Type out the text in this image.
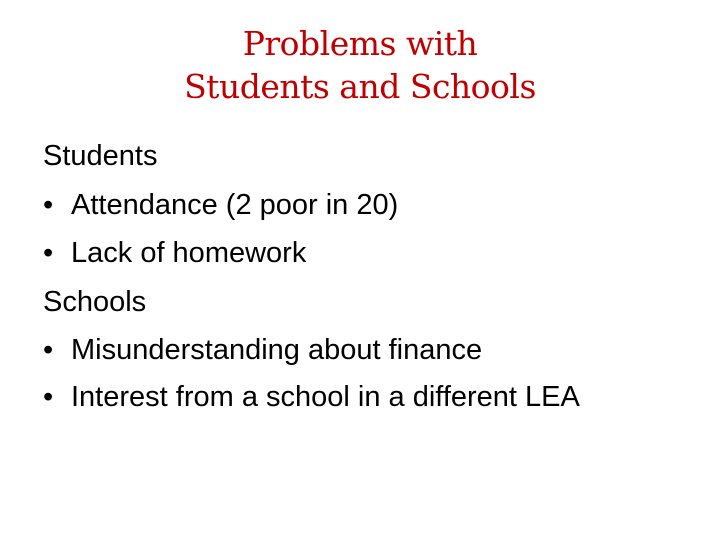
Problems with
Students and Schools
Students
• Attendance (2 poor in 20)
• Lack of homework
Schools
• Misunderstanding about finance
• Interest from a school in a different LEA
